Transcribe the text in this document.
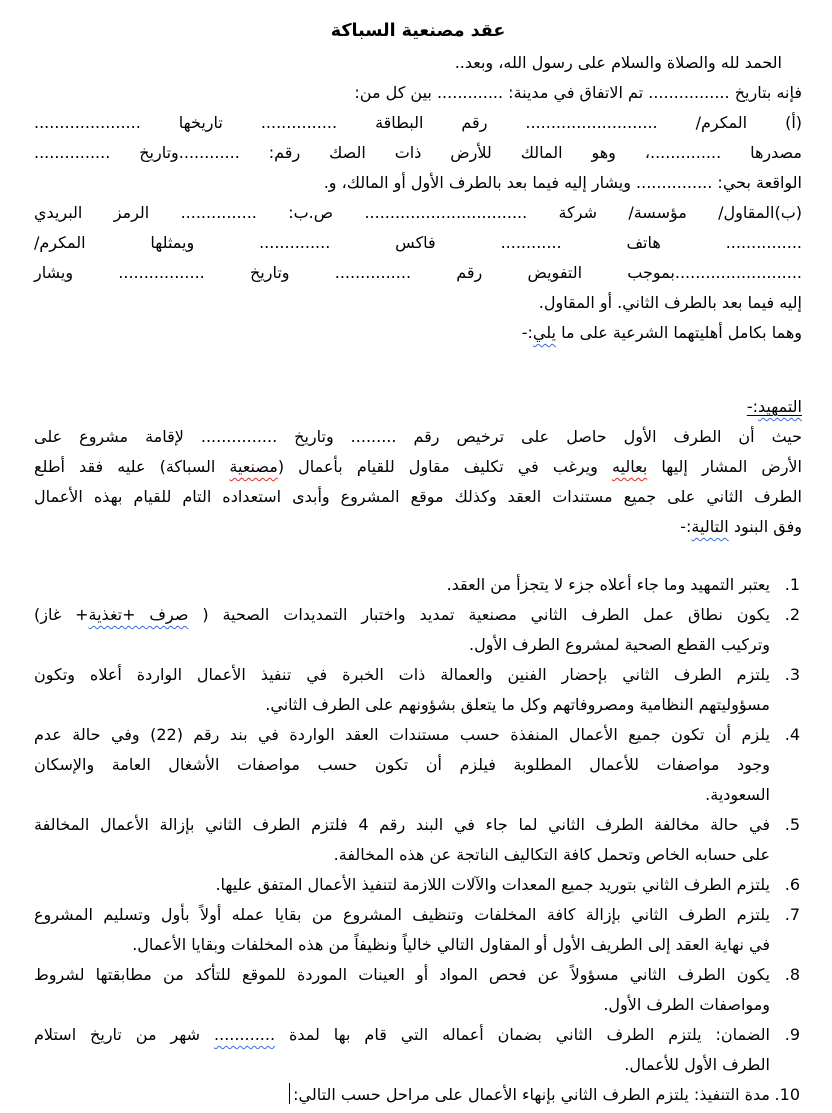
عقد مصنعية السباكة
الحمد لله والصلاة والسلام على رسول الله، وبعد..
فإنه بتاريخ ................ تم الاتفاق في مدينة: ............. بين كل من:
(أ) المكرم/ .......................... رقم البطاقة ............... تاريخها .....................
مصدرها ..............، وهو المالك للأرض ذات الصك رقم: ............وتاريخ ...............
الواقعة بحي: ............... ويشار إليه فيما بعد بالطرف الأول أو المالك، و.
(ب)المقاول/ مؤسسة/ شركة ................................ ص.ب: ............... الرمز البريدي
............... هاتف ............ فاكس .............. ويمثلها المكرم/
.........................بموجب التفويض رقم ............... وتاريخ ................. ويشار
إليه فيما بعد بالطرف الثاني. أو المقاول.
وهما بكامل أهليتهما الشرعية على ما يلي:-
التمهيد:-
حيث أن الطرف الأول حاصل على ترخيص رقم ......... وتاريخ ............... لإقامة مشروع على
الأرض المشار إليها بعاليه ويرغب في تكليف مقاول للقيام بأعمال (مصنعية السباكة) عليه فقد أطلع
الطرف الثاني على جميع مستندات العقد وكذلك موقع المشروع وأبدى استعداده التام للقيام بهذه الأعمال
وفق البنود التالية:-
.1
يعتبر التمهيد وما جاء أعلاه جزء لا يتجزأ من العقد.
.2
يكون نطاق عمل الطرف الثاني مصنعية تمديد واختبار التمديدات الصحية ( صرف +تغذية+ غاز)
وتركيب القطع الصحية لمشروع الطرف الأول.
.3
يلتزم الطرف الثاني بإحضار الفنين والعمالة ذات الخبرة في تنفيذ الأعمال الواردة أعلاه وتكون
مسؤوليتهم النظامية ومصروفاتهم وكل ما يتعلق بشؤونهم على الطرف الثاني.
.4
يلزم أن تكون جميع الأعمال المنفذة حسب مستندات العقد الواردة في بند رقم (22) وفي حالة عدم
وجود مواصفات للأعمال المطلوبة فيلزم أن تكون حسب مواصفات الأشغال العامة والإسكان
السعودية.
.5
في حالة مخالفة الطرف الثاني لما جاء في البند رقم 4 فلتزم الطرف الثاني بإزالة الأعمال المخالفة
على حسابه الخاص وتحمل كافة التكاليف الناتجة عن هذه المخالفة.
.6
يلتزم الطرف الثاني بتوريد جميع المعدات والآلات اللازمة لتنفيذ الأعمال المتفق عليها.
.7
يلتزم الطرف الثاني بإزالة كافة المخلفات وتنظيف المشروع من بقايا عمله أولاً بأول وتسليم المشروع
في نهاية العقد إلى الطريف الأول أو المقاول التالي خالياً ونظيفاً من هذه المخلفات وبقايا الأعمال.
.8
يكون الطرف الثاني مسؤولاً عن فحص المواد أو العينات الموردة للموقع للتأكد من مطابقتها لشروط
ومواصفات الطرف الأول.
.9
الضمان: يلتزم الطرف الثاني بضمان أعماله التي قام بها لمدة ............ شهر من تاريخ استلام
الطرف الأول للأعمال.
.10
مدة التنفيذ: يلتزم الطرف الثاني بإنهاء الأعمال على مراحل حسب التالي:
